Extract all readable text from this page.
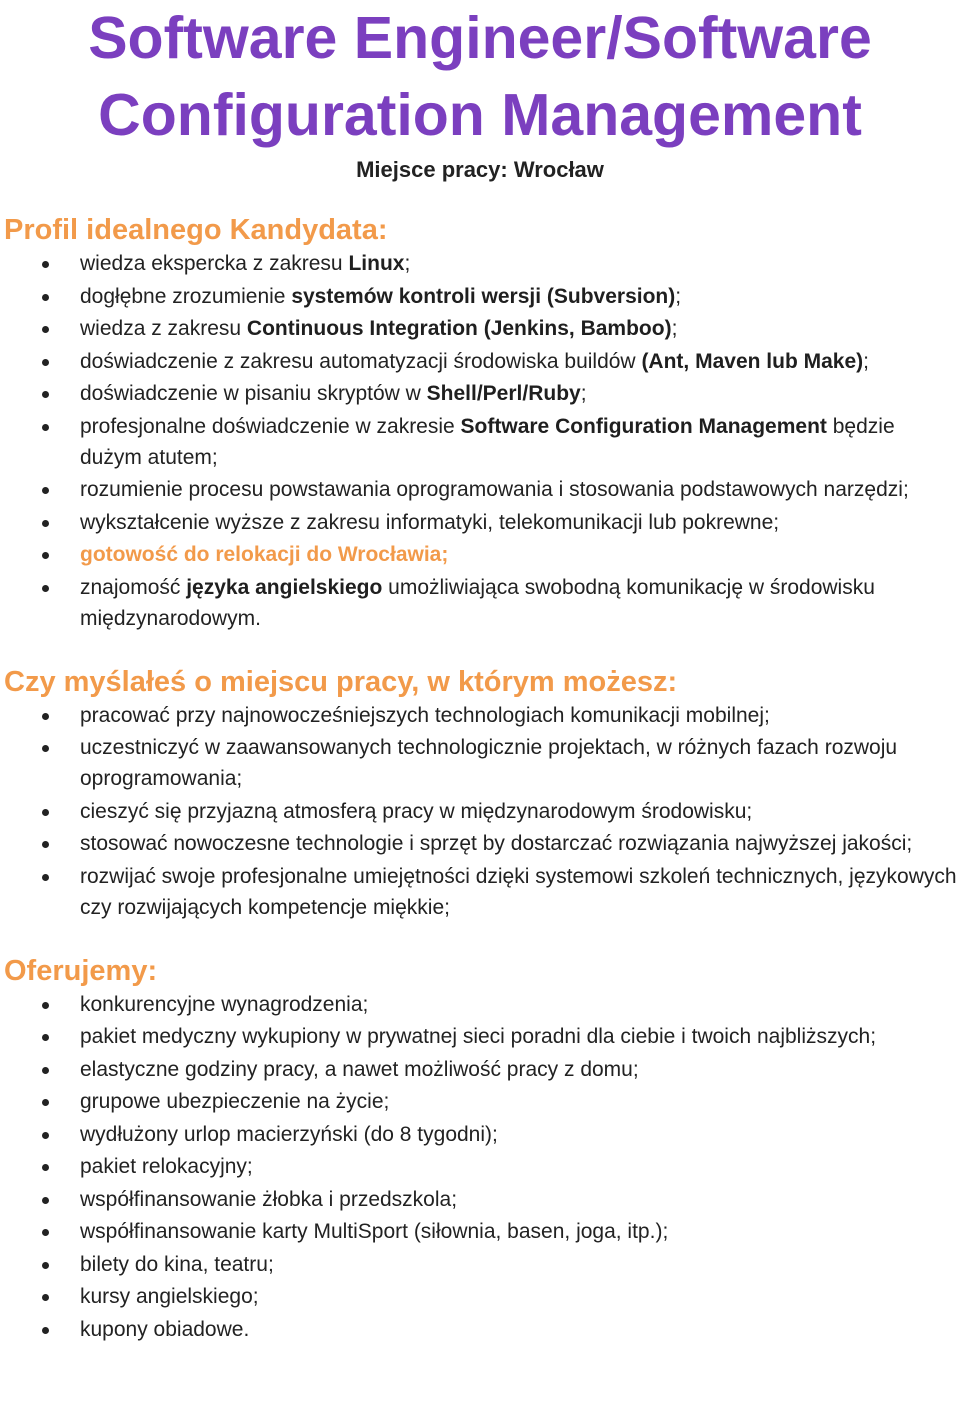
Software Engineer/Software
Configuration Management
Miejsce pracy: Wrocław
Profil idealnego Kandydata:
wiedza ekspercka z zakresu Linux;
dogłębne zrozumienie systemów kontroli wersji (Subversion);
wiedza z zakresu Continuous Integration (Jenkins, Bamboo);
doświadczenie z zakresu automatyzacji środowiska buildów (Ant, Maven lub Make);
doświadczenie w pisaniu skryptów w Shell/Perl/Ruby;
profesjonalne doświadczenie w zakresie Software Configuration Management będzie dużym atutem;
rozumienie procesu powstawania oprogramowania i stosowania podstawowych narzędzi;
wykształcenie wyższe z zakresu informatyki, telekomunikacji lub pokrewne;
gotowość do relokacji do Wrocławia;
znajomość języka angielskiego umożliwiająca swobodną komunikację w środowisku międzynarodowym.
Czy myślałeś o miejscu pracy, w którym możesz:
pracować przy najnowocześniejszych technologiach komunikacji mobilnej;
uczestniczyć w zaawansowanych technologicznie projektach, w różnych fazach rozwoju oprogramowania;
cieszyć się przyjazną atmosferą pracy w międzynarodowym środowisku;
stosować nowoczesne technologie i sprzęt by dostarczać rozwiązania najwyższej jakości;
rozwijać swoje profesjonalne umiejętności dzięki systemowi szkoleń technicznych, językowych czy rozwijających kompetencje miękkie;
Oferujemy:
konkurencyjne wynagrodzenia;
pakiet medyczny wykupiony w prywatnej sieci poradni dla ciebie i twoich najbliższych;
elastyczne godziny pracy, a nawet możliwość pracy z domu;
grupowe ubezpieczenie na życie;
wydłużony urlop macierzyński (do 8 tygodni);
pakiet relokacyjny;
współfinansowanie żłobka i przedszkola;
współfinansowanie karty MultiSport (siłownia, basen, joga, itp.);
bilety do kina, teatru;
kursy angielskiego;
kupony obiadowe.
